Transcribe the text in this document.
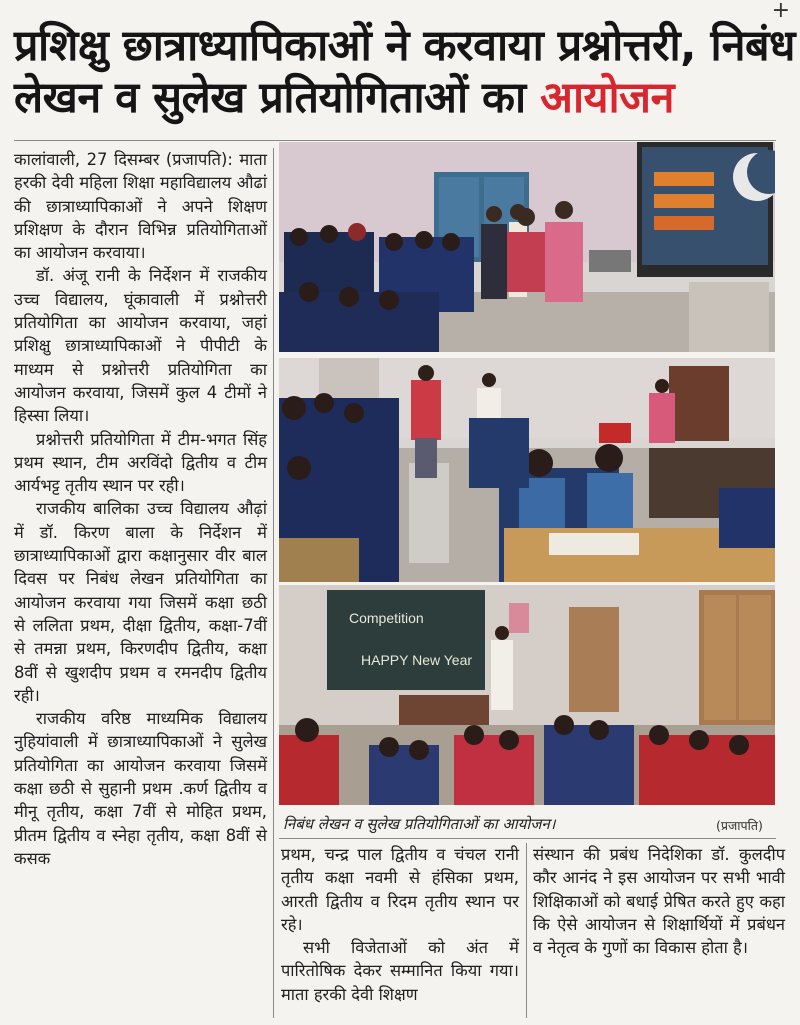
+
प्रशिक्षु छात्राध्यापिकाओं ने करवाया प्रश्नोत्तरी, निबंध
लेखन व सुलेख प्रतियोगिताओं का आयोजन

कालांवाली, 27 दिसम्बर (प्रजापति): माता हरकी देवी महिला शिक्षा महाविद्यालय औढां की छात्राध्यापिकाओं ने अपने शिक्षण प्रशिक्षण के दौरान विभिन्न प्रतियोगिताओं का आयोजन करवाया।

डॉ. अंजू रानी के निर्देशन में राजकीय उच्च विद्यालय, घूंकावाली में प्रश्नोत्तरी प्रतियोगिता का आयोजन करवाया, जहां प्रशिक्षु छात्राध्यापिकाओं ने पीपीटी के माध्यम से प्रश्नोत्तरी प्रतियोगिता का आयोजन करवाया, जिसमें कुल 4 टीमों ने हिस्सा लिया।

प्रश्नोत्तरी प्रतियोगिता में टीम-भगत सिंह प्रथम स्थान, टीम अरविंदो द्वितीय व टीम आर्यभट्ट तृतीय स्थान पर रही।

राजकीय बालिका उच्च विद्यालय औढ़ां में डॉ. किरण बाला के निर्देशन में छात्राध्यापिकाओं द्वारा कक्षानुसार वीर बाल दिवस पर निबंध लेखन प्रतियोगिता का आयोजन करवाया गया जिसमें कक्षा छठी से ललिता प्रथम, दीक्षा द्वितीय, कक्षा-7वीं से तमन्ना प्रथम, किरणदीप द्वितीय, कक्षा 8वीं से खुशदीप प्रथम व रमनदीप द्वितीय रही।

राजकीय वरिष्ठ माध्यमिक विद्यालय नुहियांवाली में छात्राध्यापिकाओं ने सुलेख प्रतियोगिता का आयोजन करवाया जिसमें कक्षा छठी से सुहानी प्रथम .कर्ण द्वितीय व मीनू तृतीय, कक्षा 7वीं से मोहित प्रथम, प्रीतम द्वितीय व स्नेहा तृतीय, कक्षा 8वीं से कसक

Competition
HAPPY New Year
निबंध लेखन व सुलेख प्रतियोगिताओं का आयोजन।	(प्रजापति)

प्रथम, चन्द्र पाल द्वितीय व चंचल रानी तृतीय कक्षा नवमी से हंसिका प्रथम, आरती द्वितीय व रिदम तृतीय स्थान पर रहे।

सभी विजेताओं को अंत में पारितोषिक देकर सम्मानित किया गया। माता हरकी देवी शिक्षण

संस्थान की प्रबंध निदेशिका डॉ. कुलदीप कौर आनंद ने इस आयोजन पर सभी भावी शिक्षिकाओं को बधाई प्रेषित करते हुए कहा कि ऐसे आयोजन से शिक्षार्थियों में प्रबंधन व नेतृत्व के गुणों का विकास होता है।
